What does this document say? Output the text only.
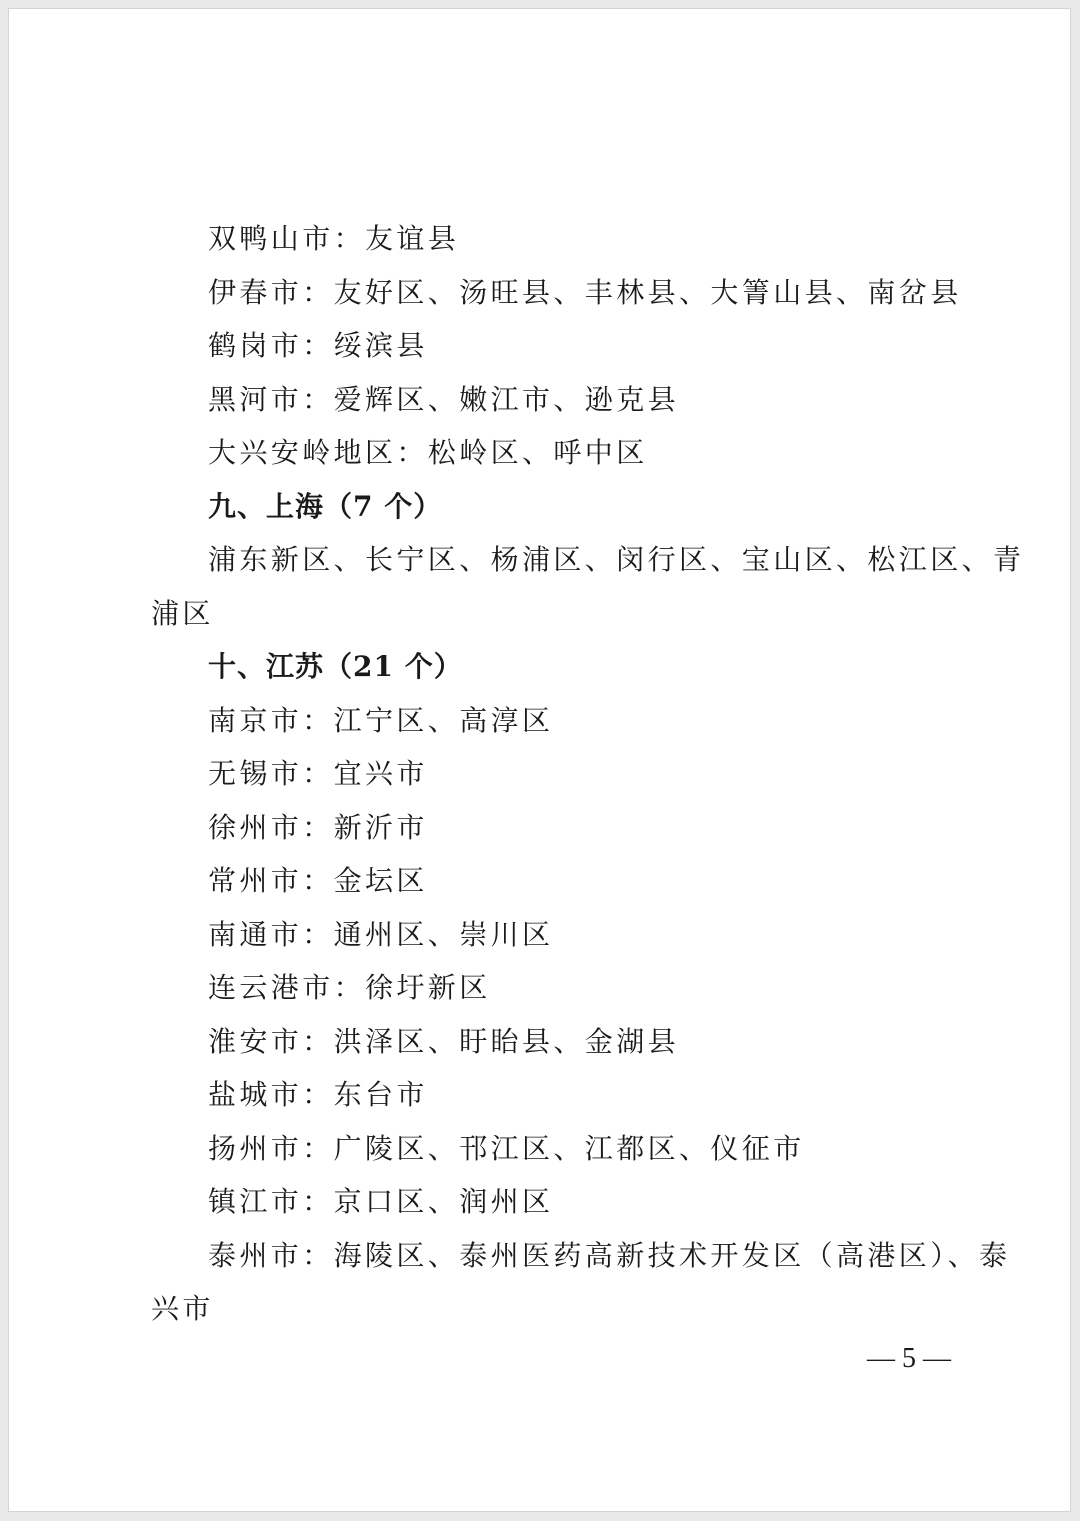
双鸭山市：友谊县
伊春市：友好区、汤旺县、丰林县、大箐山县、南岔县
鹤岗市：绥滨县
黑河市：爱辉区、嫩江市、逊克县
大兴安岭地区：松岭区、呼中区
九、上海（7 个）
浦东新区、长宁区、杨浦区、闵行区、宝山区、松江区、青
浦区
十、江苏（21 个）
南京市：江宁区、高淳区
无锡市：宜兴市
徐州市：新沂市
常州市：金坛区
南通市：通州区、崇川区
连云港市：徐圩新区
淮安市：洪泽区、盱眙县、金湖县
盐城市：东台市
扬州市：广陵区、邗江区、江都区、仪征市
镇江市：京口区、润州区
泰州市：海陵区、泰州医药高新技术开发区（高港区）、泰
兴市
— 5 —
